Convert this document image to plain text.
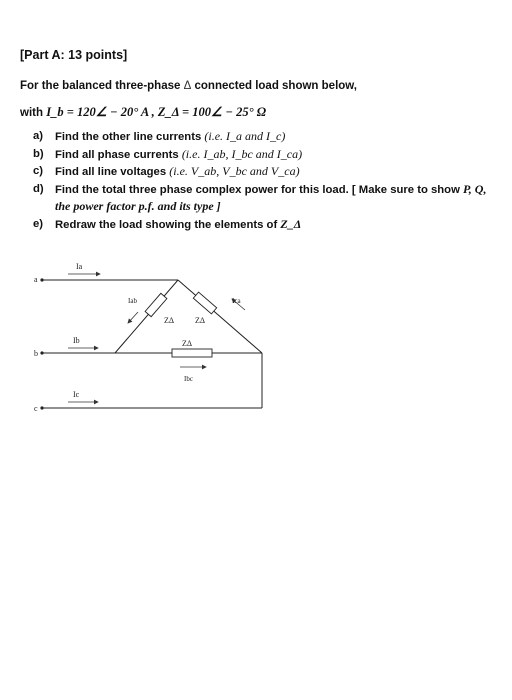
[Part A: 13 points]
For the balanced three-phase Δ connected load shown below,
with I_b = 120∠ − 20° A , Z_Δ = 100∠ − 25° Ω
a)	Find the other line currents (i.e. I_a and I_c)
b)	Find all phase currents (i.e. I_ab, I_bc and I_ca)
c)	Find all line voltages (i.e. V_ab, V_bc and V_ca)
d)	Find the total three phase complex power for this load. [ Make sure to show P, Q, the power factor p.f. and its type ]
e)	Redraw the load showing the elements of Z_Δ
a
b
c
Ia
Ib
Ic
Iab	Ica
Ibc
ZΔ	ZΔ
ZΔ
